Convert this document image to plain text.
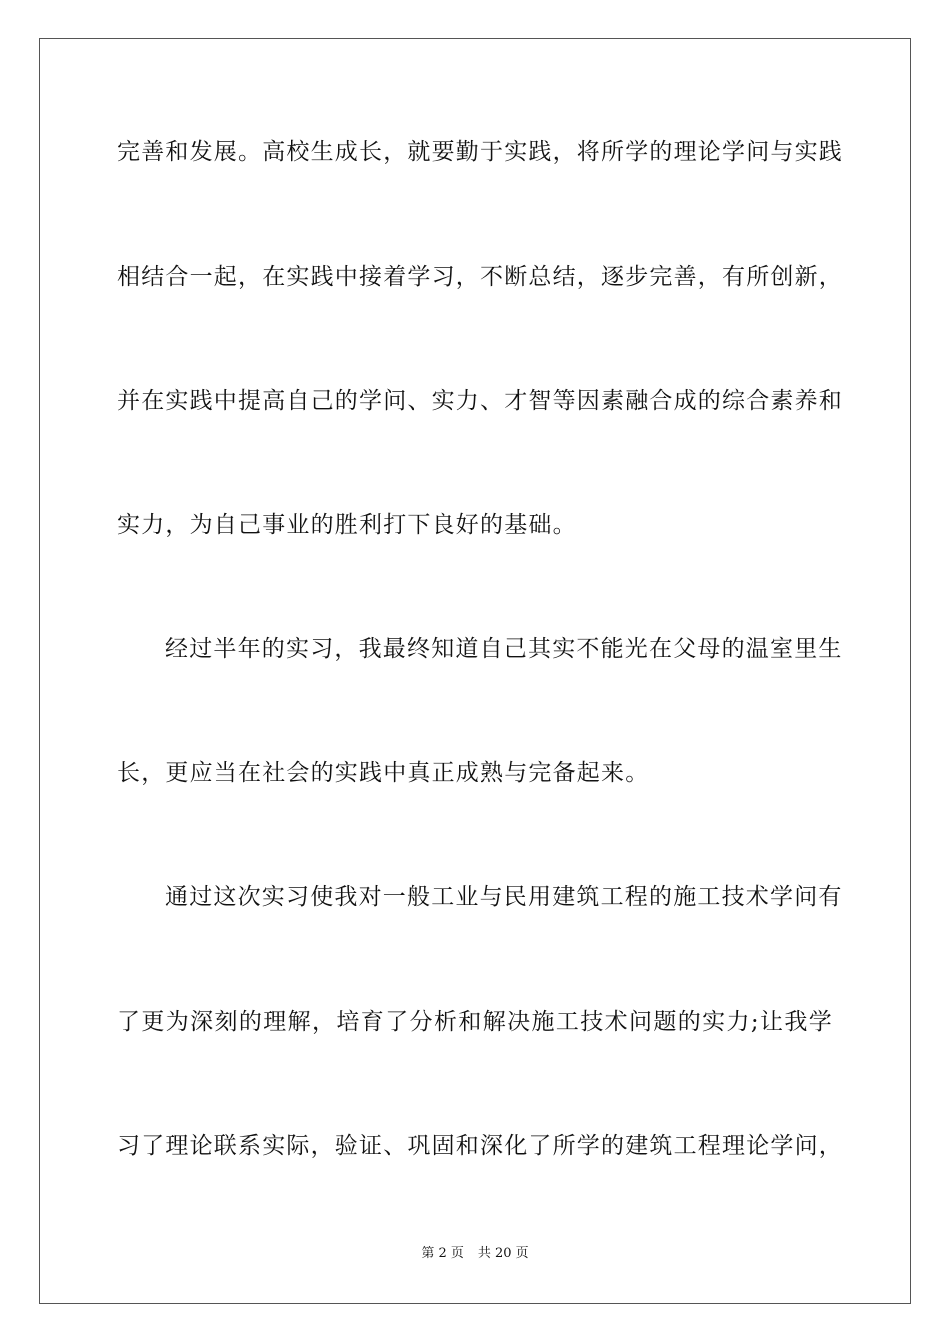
完善和发展。高校生成长，就要勤于实践，将所学的理论学问与实践
相结合一起，在实践中接着学习，不断总结，逐步完善，有所创新，
并在实践中提高自己的学问、实力、才智等因素融合成的综合素养和
实力，为自己事业的胜利打下良好的基础。
经过半年的实习，我最终知道自己其实不能光在父母的温室里生
长，更应当在社会的实践中真正成熟与完备起来。
通过这次实习使我对一般工业与民用建筑工程的施工技术学问有
了更为深刻的理解，培育了分析和解决施工技术问题的实力;让我学
习了理论联系实际，验证、巩固和深化了所学的建筑工程理论学问，
第 2 页 共 20 页
